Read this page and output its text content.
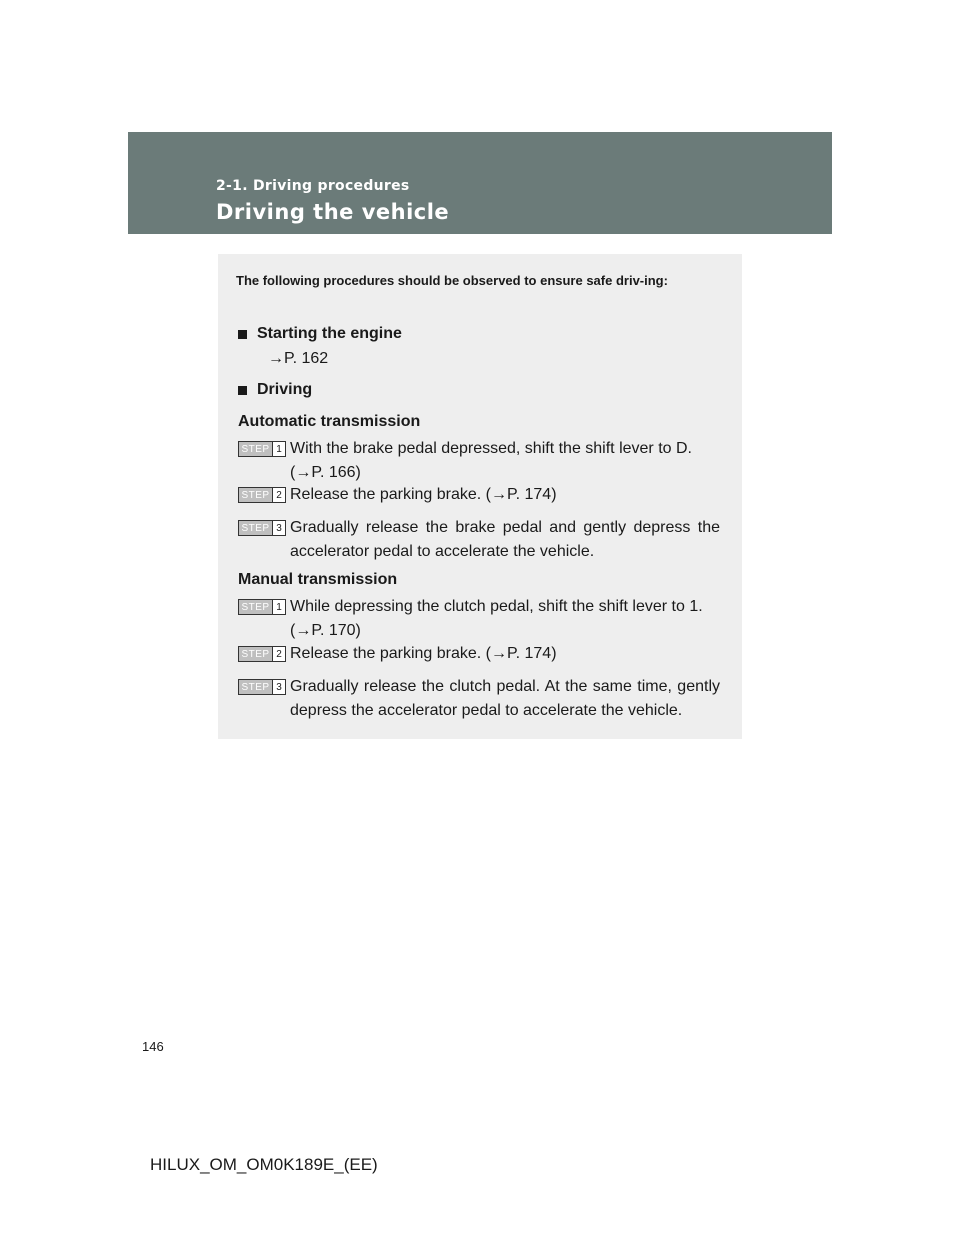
2-1. Driving procedures
Driving the vehicle
The following procedures should be observed to ensure safe driv-ing:
Starting the engine
→P. 162
Driving
Automatic transmission
STEP 1 With the brake pedal depressed, shift the shift lever to D.
(→P. 166)
STEP 2 Release the parking brake. (→P. 174)
STEP 3 Gradually release the brake pedal and gently depress the accelerator pedal to accelerate the vehicle.
Manual transmission
STEP 1 While depressing the clutch pedal, shift the shift lever to 1.
(→P. 170)
STEP 2 Release the parking brake. (→P. 174)
STEP 3 Gradually release the clutch pedal. At the same time, gently depress the accelerator pedal to accelerate the vehicle.
146
HILUX_OM_OM0K189E_(EE)
